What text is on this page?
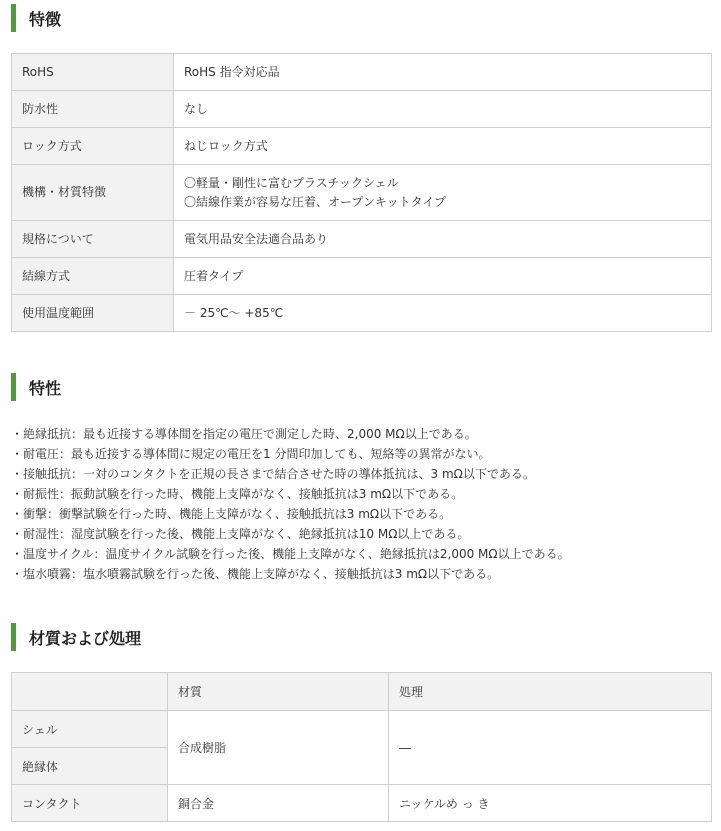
特徴
RoHS	RoHS 指令対応品
防水性	なし
ロック方式	ねじロック方式
機構・材質特徴	〇軽量・剛性に富むプラスチックシェル
〇結線作業が容易な圧着、オープンキットタイプ

規格について	電気用品安全法適合品あり
結線方式	圧着タイプ
使用温度範囲	－ 25℃～ +85℃
特性
・絶縁抵抗：最も近接する導体間を指定の電圧で測定した時、2,000 MΩ以上である。
・耐電圧：最も近接する導体間に規定の電圧を1 分間印加しても、短絡等の異常がない。
・接触抵抗：一対のコンタクトを正規の長さまで結合させた時の導体抵抗は、3 mΩ以下である。
・耐振性：振動試験を行った時、機能上支障がなく、接触抵抗は3 mΩ以下である。
・衝撃：衝撃試験を行った時、機能上支障がなく、接触抵抗は3 mΩ以下である。
・耐湿性：湿度試験を行った後、機能上支障がなく、絶縁抵抗は10 MΩ以上である。
・温度サイクル：温度サイクル試験を行った後、機能上支障がなく、絶縁抵抗は2,000 MΩ以上である。
・塩水噴霧：塩水噴霧試験を行った後、機能上支障がなく、接触抵抗は3 mΩ以下である。
材質および処理
	材質	処理
シェル	合成樹脂	―
絶縁体		
コンタクト	銅合金	ニッケルめ っ き
